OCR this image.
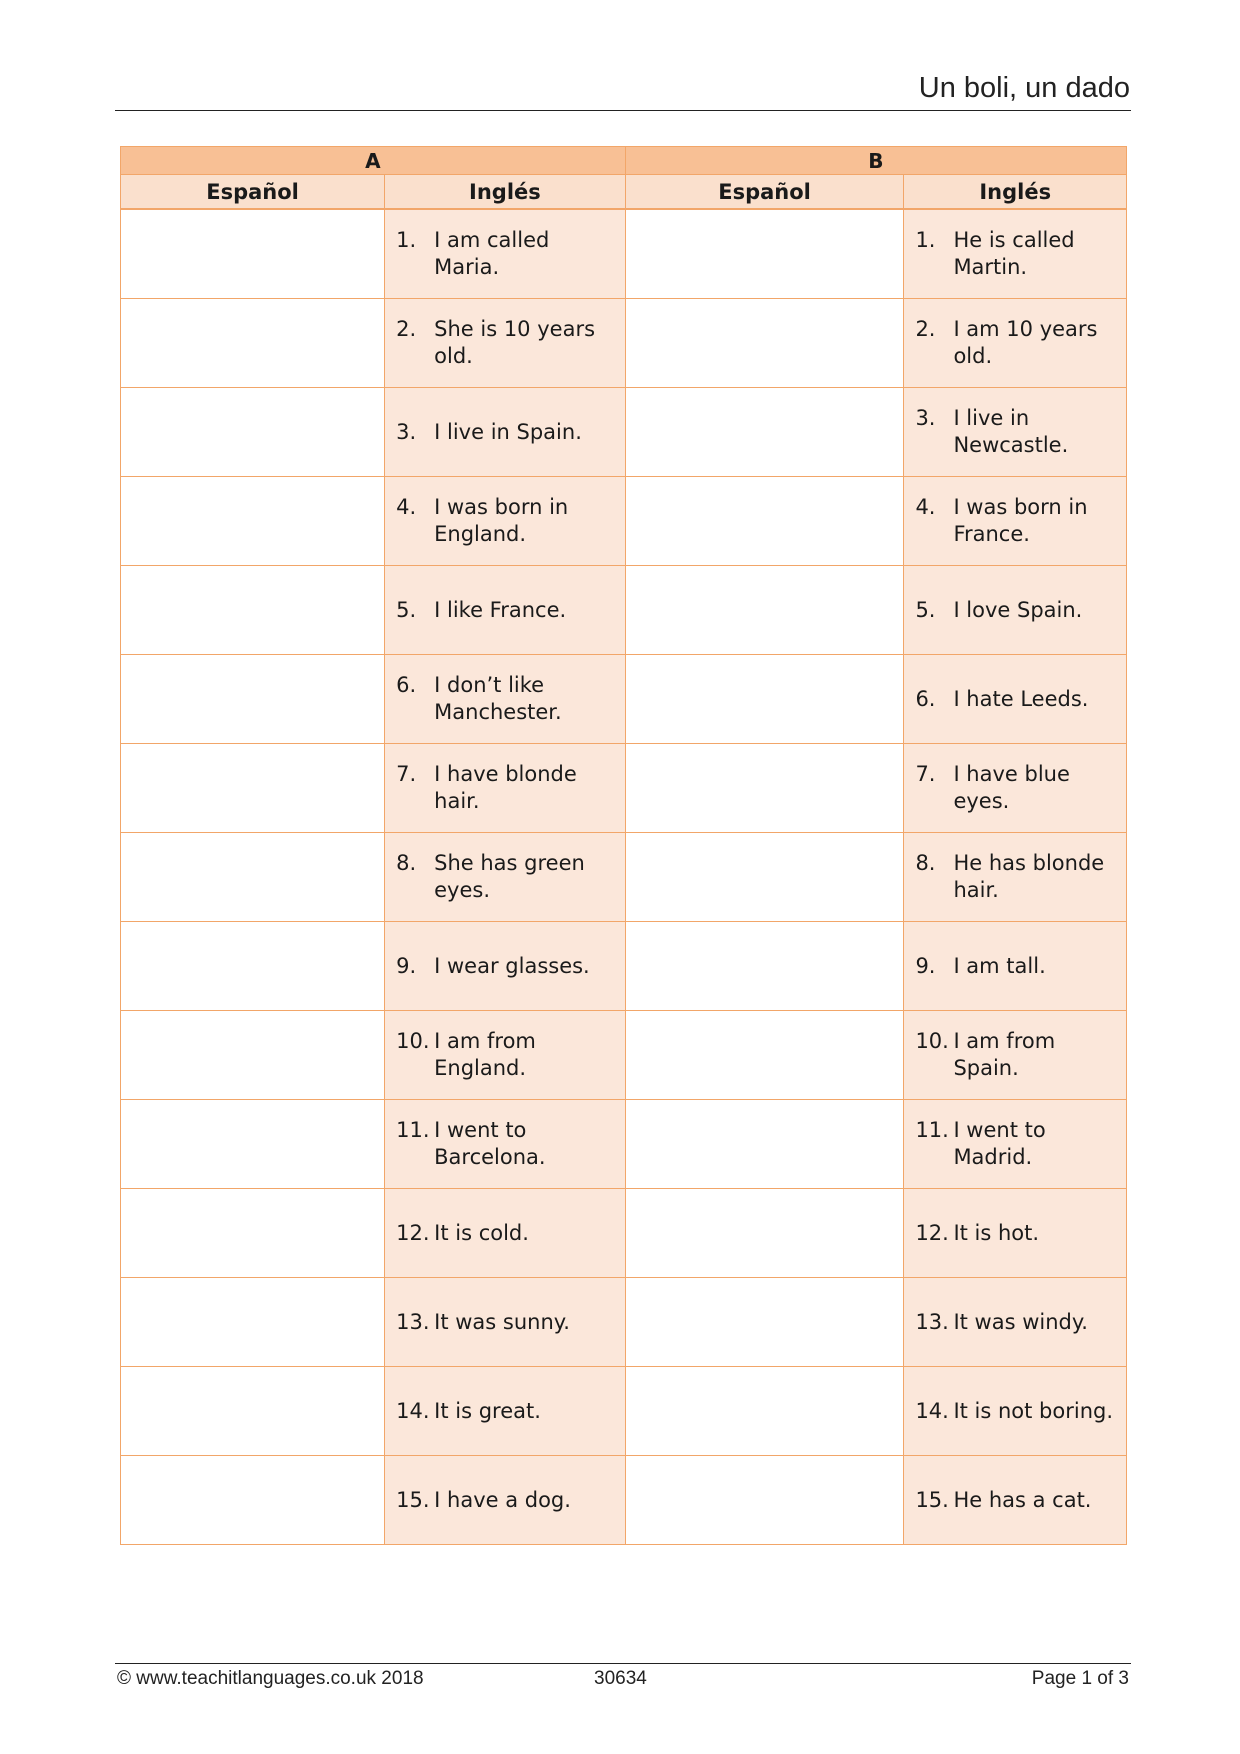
Un boli, un dado
A		B	
Español	Inglés	Español	Inglés

	1. I am called Maria.		1. He is called Martin.

	2. She is 10 years old.		2. I am 10 years old.

	3. I live in Spain.		3. I live in Newcastle.

	4. I was born in England.		4. I was born in France.

	5. I like France.		5. I love Spain.

	6. I don’t like Manchester.		6. I hate Leeds.

	7. I have blonde hair.		7. I have blue eyes.

	8. She has green eyes.		8. He has blonde hair.

	9. I wear glasses.		9. I am tall.

	10. I am from England.		10. I am from Spain.

	11. I went to Barcelona.		11. I went to Madrid.

	12. It is cold.		12. It is hot.

	13. It was sunny.		13. It was windy.

	14. It is great.		14. It is not boring.

	15. I have a dog.		15. He has a cat.
© www.teachitlanguages.co.uk 2018	30634	Page 1 of 3
